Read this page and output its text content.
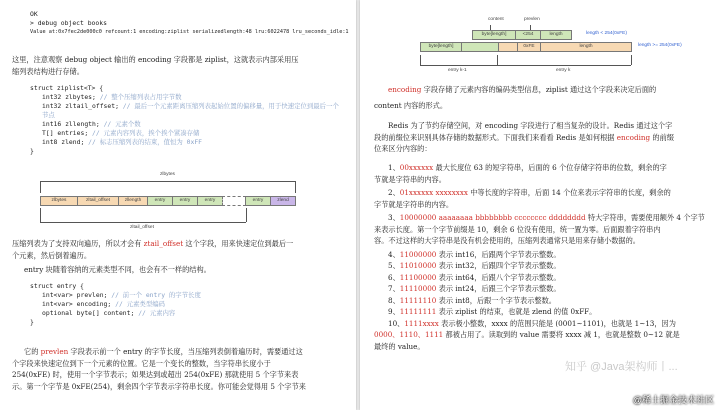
OK
> debug object books
Value at:0x7fec2de000c0 refcount:1 encoding:ziplist serializedlength:48 lru:6022478 lru_seconds_idle:1
这里，注意观察 debug object 输出的 encoding 字段都是 ziplist，这就表示内部采用压
缩列表结构进行存储。
struct ziplist<T> {
int32 zlbytes; // 整个压缩列表占用字节数
int32 zltail_offset; // 最后一个元素距离压缩列表起始位置的偏移量，用于快速定位到最后一个
节点
int16 zllength; // 元素个数
T[] entries; // 元素内容列表，挨个挨个紧凑存储
int8 zlend; // 标志压缩列表的结束，值恒为 0xFF
}
zlbytes
zlbytes	zltail_offset	zllength	entry	entry	entry	entry	zlend
zltail_offset
压缩列表为了支持双向遍历，所以才会有 ztail_offset 这个字段，用来快速定位到最后一
个元素，然后倒着遍历。
entry 块随着容纳的元素类型不同，也会有不一样的结构。
struct entry {
int<var> prevlen; // 前一个 entry 的字节长度
int<var> encoding; // 元素类型编码
optional byte[] content; // 元素内容
}
它的 prevlen 字段表示前一个 entry 的字节长度，当压缩列表倒着遍历时，需要通过这
个字段来快速定位到下一个元素的位置。它是一个变长的整数，当字符串长度小于
254(0xFE) 时，使用一个字节表示；如果达到或超出 254(0xFE) 那就使用 5 个字节来表
示。第一个字节是 0xFE(254)，剩余四个字节表示字符串长度。你可能会觉得用 5 个字节来
content	prevlen
byte[length]	<254	length	length < 254(0xFE)
byte[length]	0xFE	length	length >= 254(0xFE)
entry k-1	entry k
encoding 字段存储了元素内容的编码类型信息，ziplist 通过这个字段来决定后面的
content 内容的形式。
Redis 为了节约存储空间，对 encoding 字段进行了相当复杂的设计。Redis 通过这个字
段的前缀位来识别具体存储的数据形式。下面我们来看看 Redis 是如何根据 encoding 的前缀
位来区分内容的：
1、00xxxxxx 最大长度位 63 的短字符串，后面的 6 个位存储字符串的位数，剩余的字
节就是字符串的内容。
2、01xxxxxx xxxxxxxx 中等长度的字符串，后面 14 个位来表示字符串的长度，剩余的
字节就是字符串的内容。
3、10000000 aaaaaaaa bbbbbbbb cccccccc dddddddd 特大字符串，需要使用额外 4 个字节
来表示长度。第一个字节前缀是 10，剩余 6 位没有使用，统一置为零。后面跟着字符串内
容。不过这样的大字符串是没有机会使用的，压缩列表通常只是用来存储小数据的。
4、11000000 表示 int16，后跟两个字节表示整数。
5、11010000 表示 int32，后跟四个字节表示整数。
6、11100000 表示 int64，后跟八个字节表示整数。
7、11110000 表示 int24，后跟三个字节表示整数。
8、11111110 表示 int8，后跟一个字节表示整数。
9、11111111 表示 ziplist 的结束，也就是 zlend 的值 0xFF。
10、1111xxxx 表示极小整数，xxxx 的范围只能是 (0001~1101)，也就是 1~13，因为
0000、1110、1111 都被占用了。读取到的 value 需要将 xxxx 减 1，也就是整数 0~12 就是
最终的 value。
知乎 @Java架构师丨...
@稀土掘金技术社区
